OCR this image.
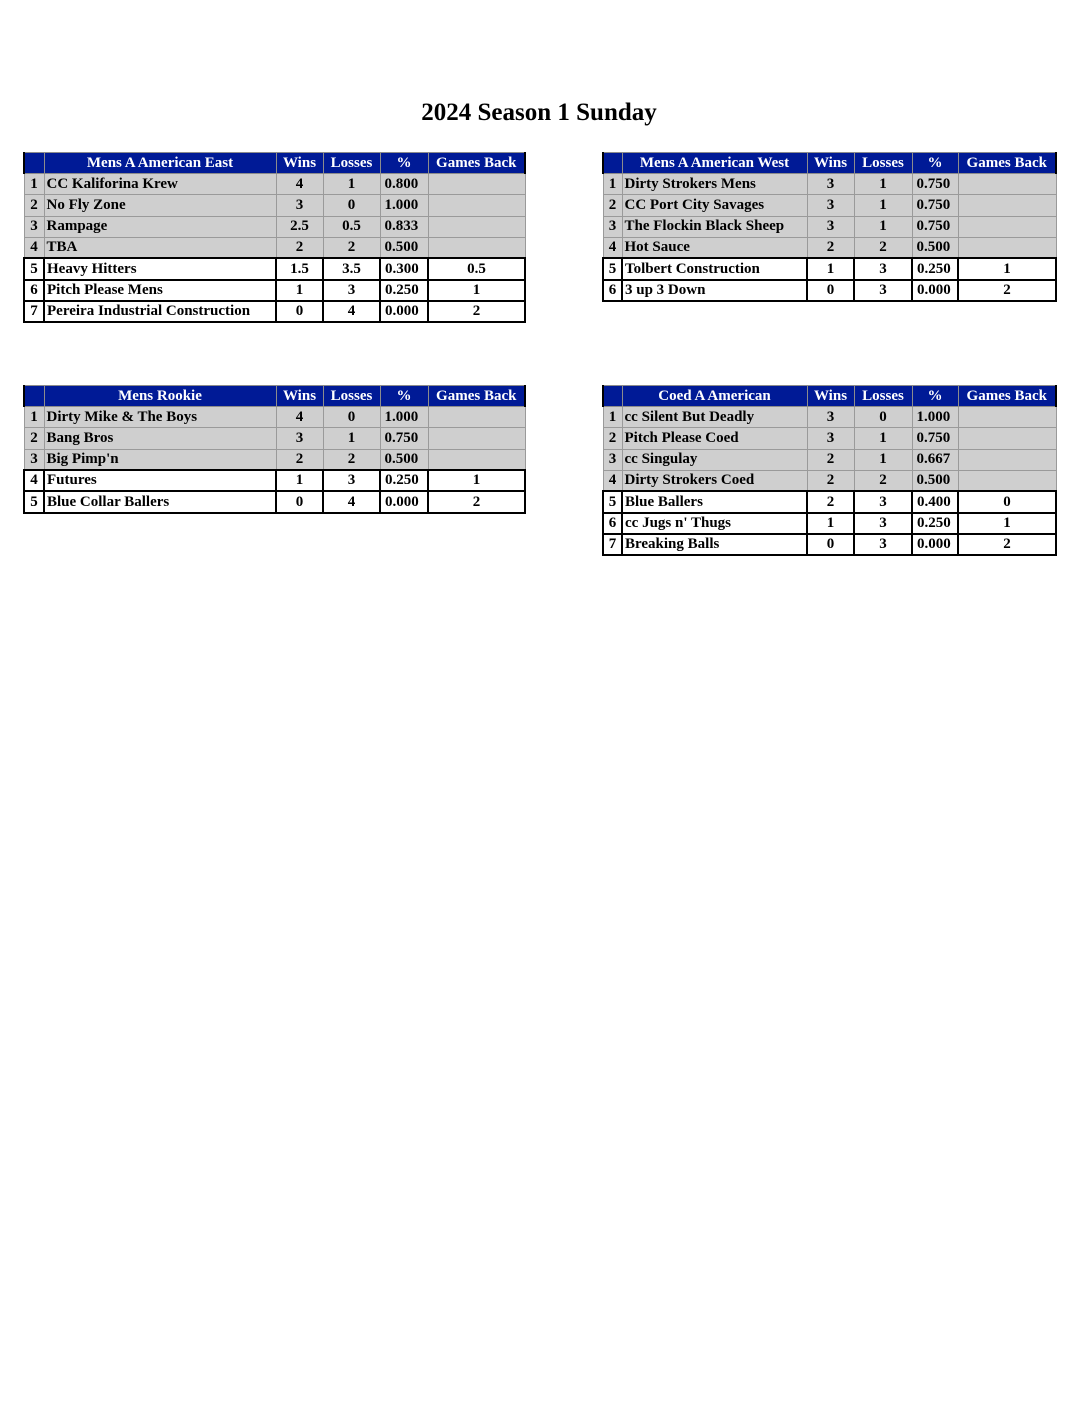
2024 Season 1 Sunday
	Mens A American East	Wins	Losses	%	Games Back
1	CC Kaliforina Krew	4	1	0.800	
2	No Fly Zone	3	0	1.000	
3	Rampage	2.5	0.5	0.833	
4	TBA	2	2	0.500	
5	Heavy Hitters	1.5	3.5	0.300	0.5
6	Pitch Please Mens	1	3	0.250	1
7	Pereira Industrial Construction	0	4	0.000	2
	Mens A American West	Wins	Losses	%	Games Back
1	Dirty Strokers Mens	3	1	0.750	
2	CC Port City Savages	3	1	0.750	
3	The Flockin Black Sheep	3	1	0.750	
4	Hot Sauce	2	2	0.500	
5	Tolbert Construction	1	3	0.250	1
6	3 up 3 Down	0	3	0.000	2
	Mens Rookie	Wins	Losses	%	Games Back
1	Dirty Mike & The Boys	4	0	1.000	
2	Bang Bros	3	1	0.750	
3	Big Pimp'n	2	2	0.500	
4	Futures	1	3	0.250	1
5	Blue Collar Ballers	0	4	0.000	2
	Coed A American	Wins	Losses	%	Games Back
1	cc Silent But Deadly	3	0	1.000	
2	Pitch Please Coed	3	1	0.750	
3	cc Singulay	2	1	0.667	
4	Dirty Strokers Coed	2	2	0.500	
5	Blue Ballers	2	3	0.400	0
6	cc Jugs n' Thugs	1	3	0.250	1
7	Breaking Balls	0	3	0.000	2
